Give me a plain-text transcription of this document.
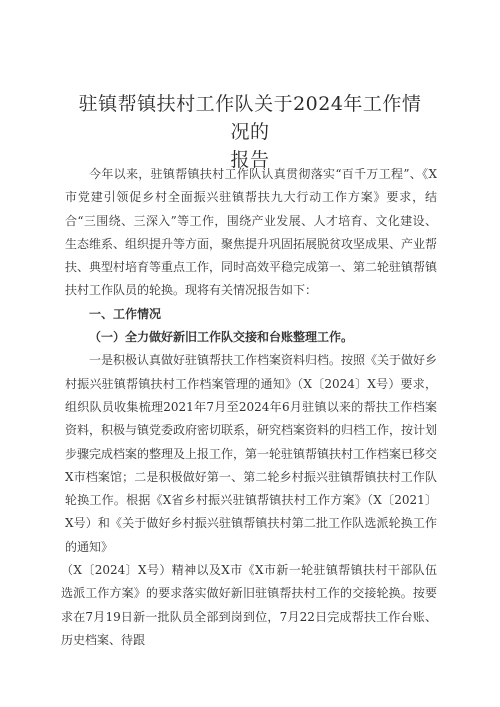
驻镇帮镇扶村工作队关于2024年工作情况的
报告

今年以来，驻镇帮镇扶村工作队认真贯彻落实“百千万工程”、《X市党建引领促乡村全面振兴驻镇帮扶九大行动工作方案》要求，结合“三围绕、三深入”等工作，围绕产业发展、人才培育、文化建设、生态维系、组织提升等方面，聚焦提升巩固拓展脱贫攻坚成果、产业帮扶、典型村培育等重点工作，同时高效平稳完成第一、第二轮驻镇帮镇扶村工作队员的轮换。现将有关情况报告如下：

一、工作情况

（一）全力做好新旧工作队交接和台账整理工作。

一是积极认真做好驻镇帮扶工作档案资料归档。按照《关于做好乡村振兴驻镇帮镇扶村工作档案管理的通知》（X〔2024〕X号）要求，组织队员收集梳理2021年7月至2024年6月驻镇以来的帮扶工作档案资料，积极与镇党委政府密切联系，研究档案资料的归档工作，按计划步骤完成档案的整理及上报工作，第一轮驻镇帮镇扶村工作档案已移交X市档案馆；二是积极做好第一、第二轮乡村振兴驻镇帮镇扶村工作队轮换工作。根据《X省乡村振兴驻镇帮镇扶村工作方案》（X〔2021〕X号）和《关于做好乡村振兴驻镇帮镇扶村第二批工作队选派轮换工作的通知》

（X〔2024〕X号）精神以及X市《X市新一轮驻镇帮镇扶村干部队伍选派工作方案》的要求落实做好新旧驻镇帮扶村工作的交接轮换。按要求在7月19日新一批队员全部到岗到位，7月22日完成帮扶工作台账、历史档案、待跟
